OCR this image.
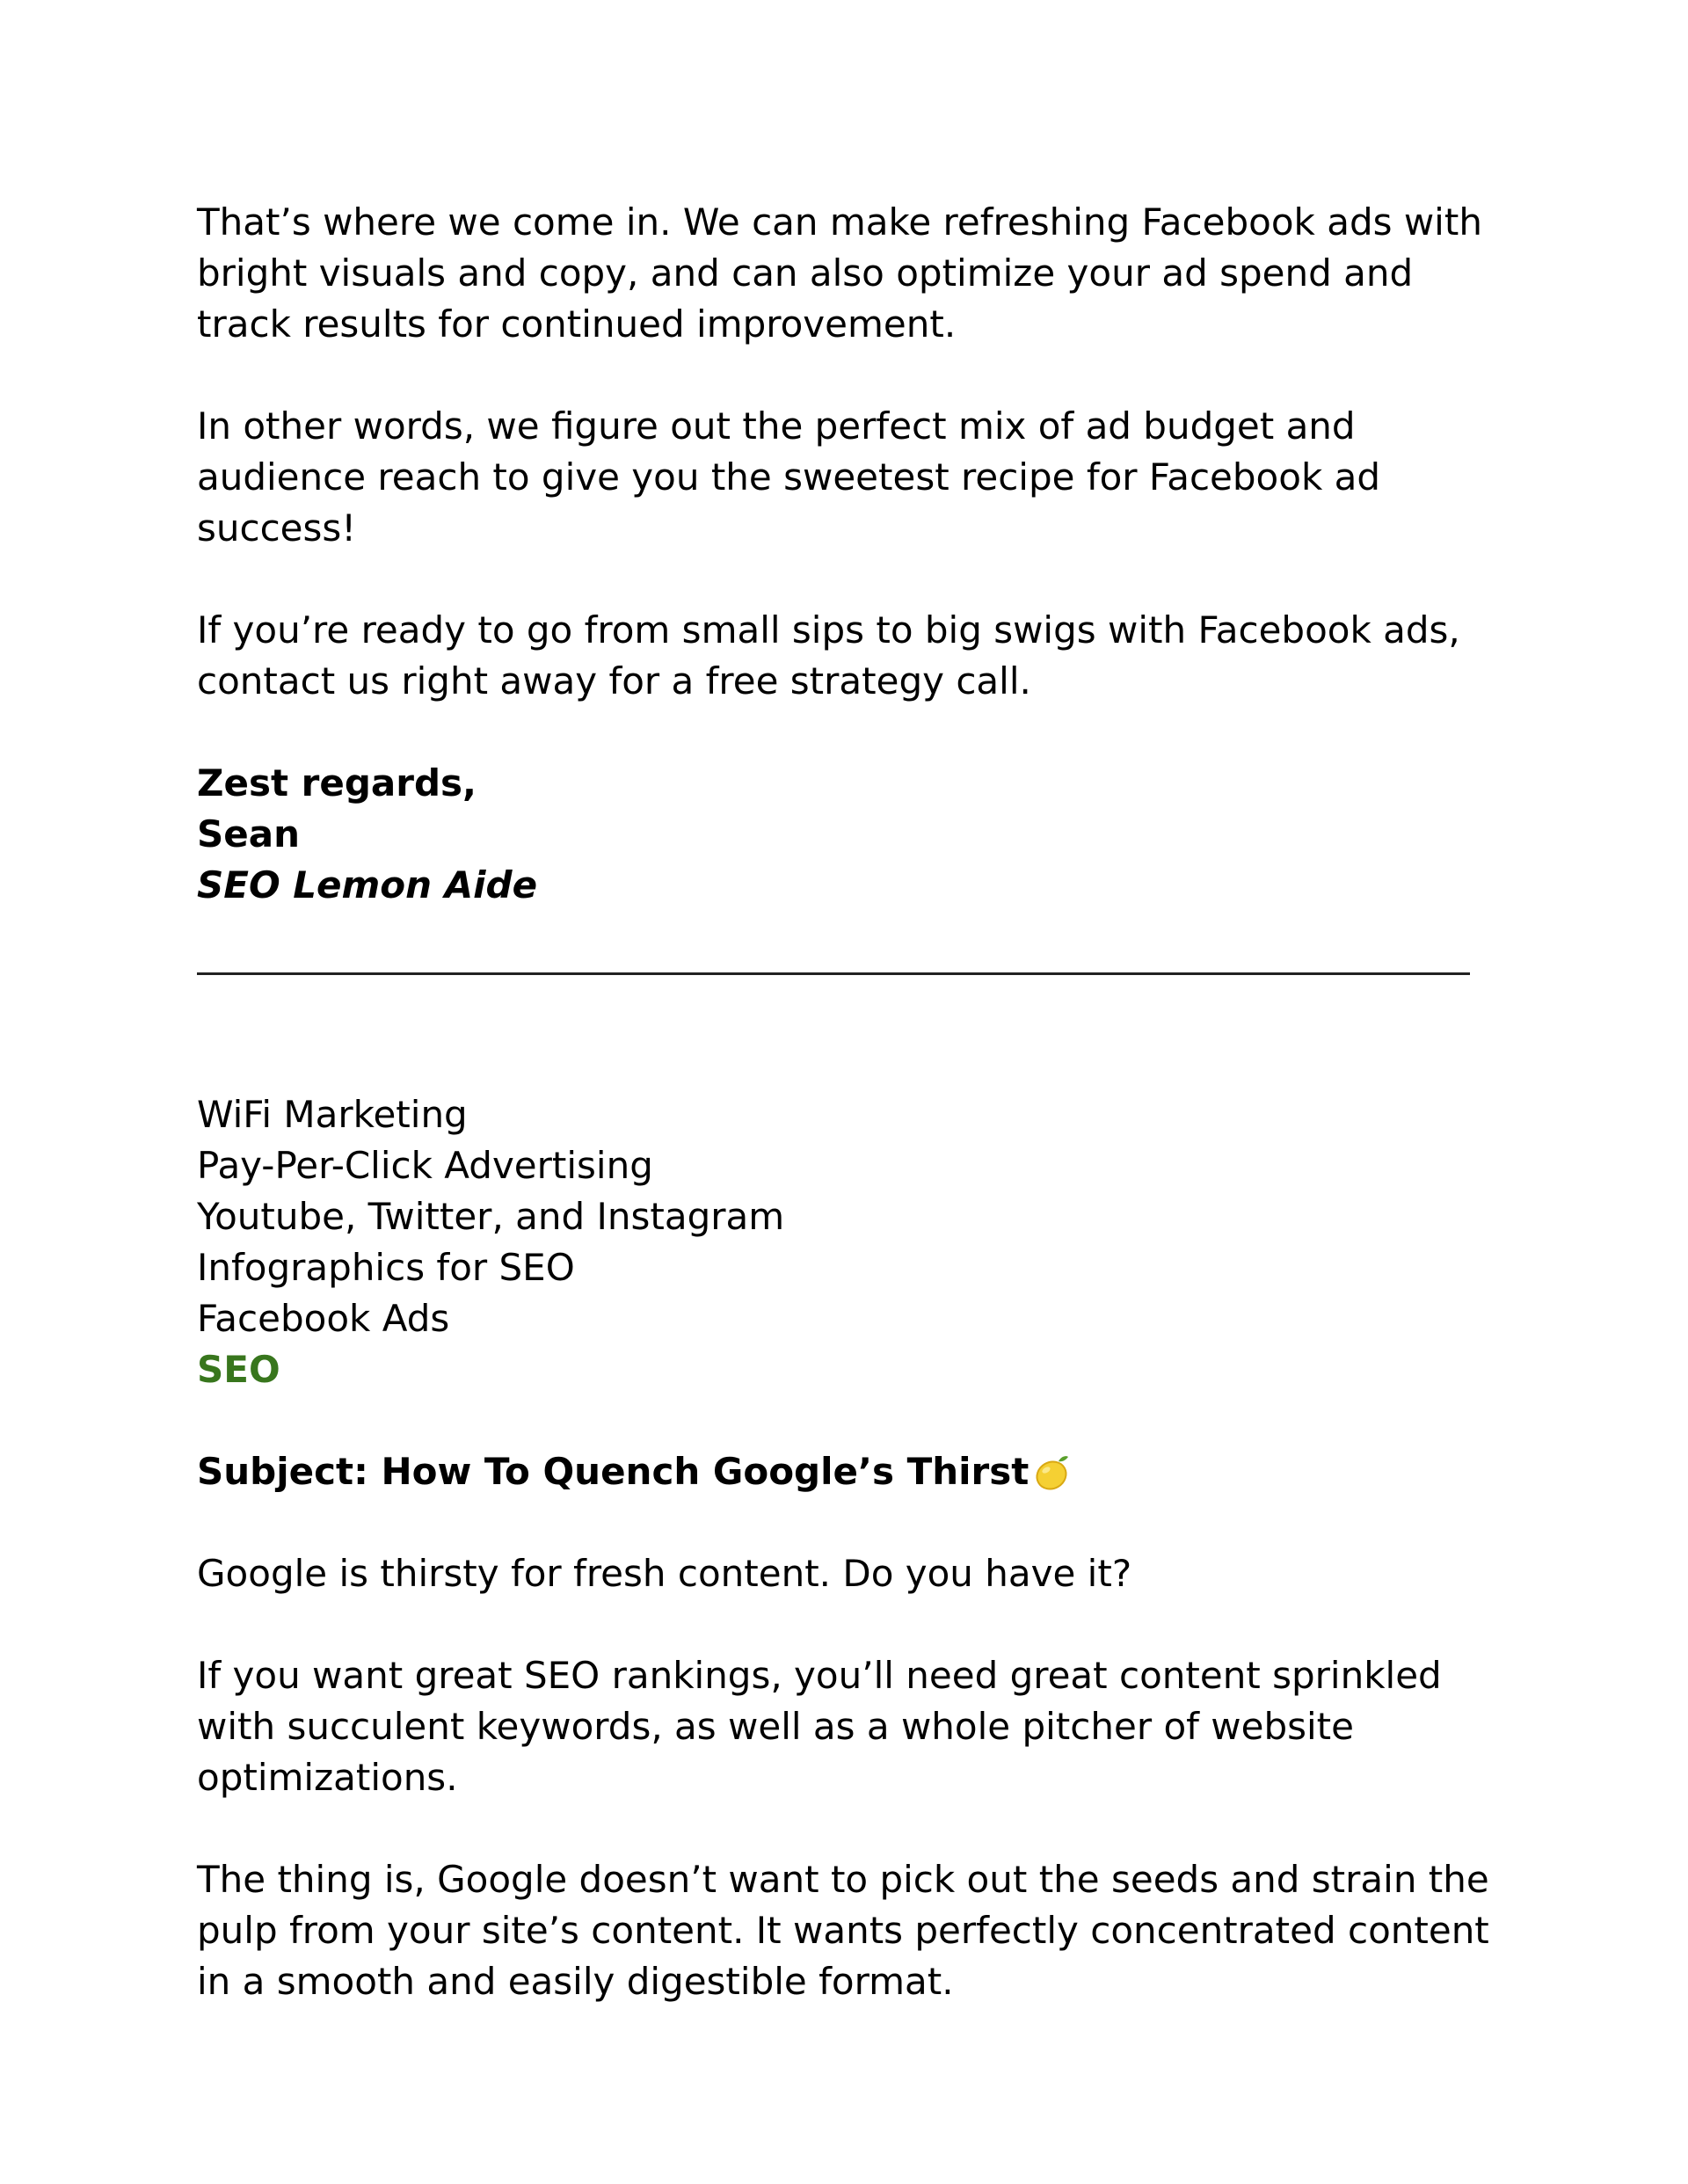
That’s where we come in. We can make refreshing Facebook ads with bright visuals and copy, and can also optimize your ad spend and track results for continued improvement.

In other words, we figure out the perfect mix of ad budget and audience reach to give you the sweetest recipe for Facebook ad success!

If you’re ready to go from small sips to big swigs with Facebook ads, contact us right away for a free strategy call.

Zest regards,

Sean

SEO Lemon Aide

WiFi Marketing

Pay-Per-Click Advertising

Youtube, Twitter, and Instagram

Infographics for SEO

Facebook Ads

SEO

Subject: How To Quench Google’s Thirst

Google is thirsty for fresh content. Do you have it?

If you want great SEO rankings, you’ll need great content sprinkled with succulent keywords, as well as a whole pitcher of website optimizations.

The thing is, Google doesn’t want to pick out the seeds and strain the pulp from your site’s content. It wants perfectly concentrated content in a smooth and easily digestible format.
